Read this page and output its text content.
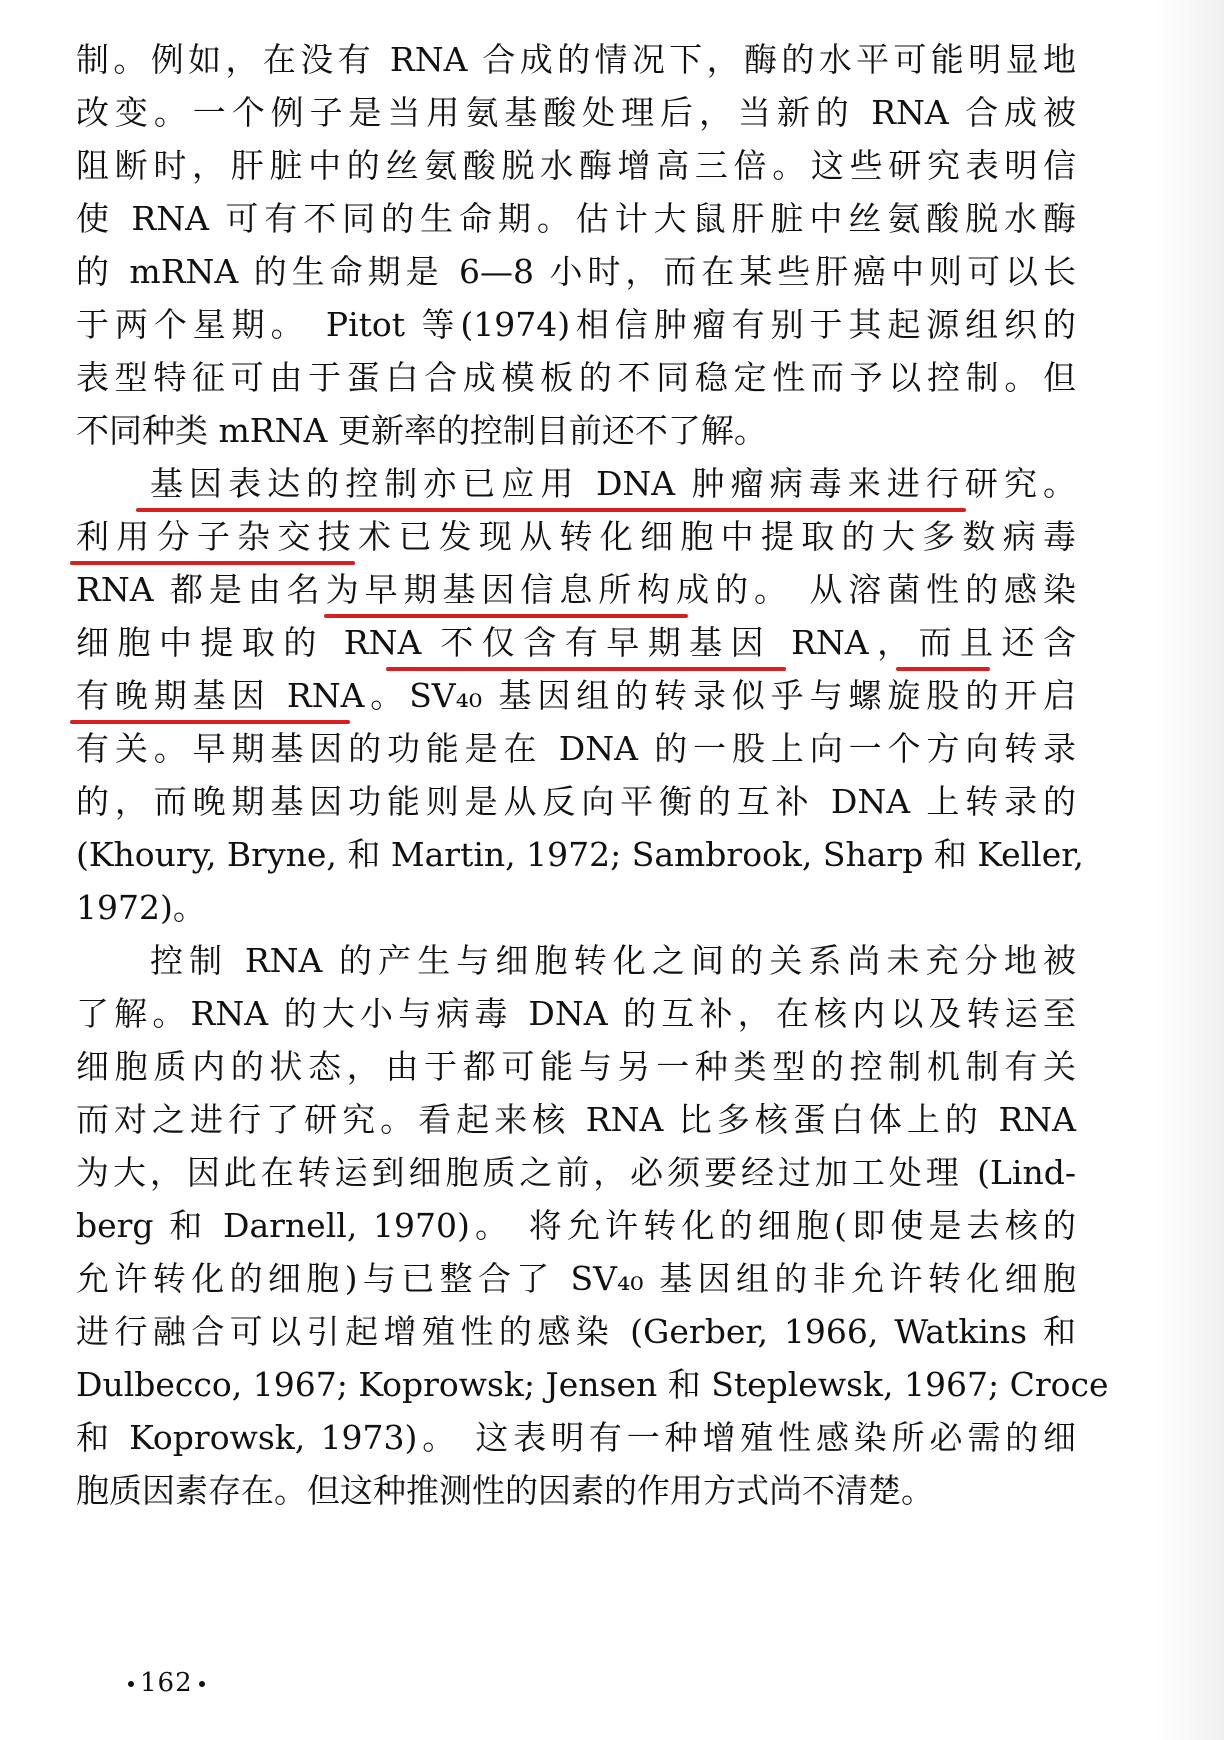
制。例如，在没有 RNA 合成的情况下，酶的水平可能明显地
改变。一个例子是当用氨基酸处理后，当新的 RNA 合成被
阻断时，肝脏中的丝氨酸脱水酶增高三倍。这些研究表明信
使 RNA 可有不同的生命期。估计大鼠肝脏中丝氨酸脱水酶
的 mRNA 的生命期是 6—8 小时，而在某些肝癌中则可以长
于两个星期。 Pitot 等(1974)相信肿瘤有别于其起源组织的
表型特征可由于蛋白合成模板的不同稳定性而予以控制。但
不同种类 mRNA 更新率的控制目前还不了解。
基因表达的控制亦已应用 DNA 肿瘤病毒来进行研究。
利用分子杂交技术已发现从转化细胞中提取的大多数病毒
RNA 都是由名为早期基因信息所构成的。 从溶菌性的感染
细胞中提取的 RNA 不仅含有早期基因 RNA，而且还含
有晚期基因 RNA。SV₄₀ 基因组的转录似乎与螺旋股的开启
有关。早期基因的功能是在 DNA 的一股上向一个方向转录
的，而晚期基因功能则是从反向平衡的互补 DNA 上转录的
(Khoury, Bryne, 和 Martin, 1972; Sambrook, Sharp 和 Keller,
1972)。
控制 RNA 的产生与细胞转化之间的关系尚未充分地被
了解。RNA 的大小与病毒 DNA 的互补，在核内以及转运至
细胞质内的状态，由于都可能与另一种类型的控制机制有关
而对之进行了研究。看起来核 RNA 比多核蛋白体上的 RNA
为大，因此在转运到细胞质之前，必须要经过加工处理 (Lind-
berg 和 Darnell, 1970)。 将允许转化的细胞(即使是去核的
允许转化的细胞)与已整合了 SV₄₀ 基因组的非允许转化细胞
进行融合可以引起增殖性的感染 (Gerber, 1966, Watkins 和
Dulbecco, 1967; Koprowsk; Jensen 和 Steplewsk, 1967; Croce
和 Koprowsk, 1973)。 这表明有一种增殖性感染所必需的细
胞质因素存在。但这种推测性的因素的作用方式尚不清楚。
162
